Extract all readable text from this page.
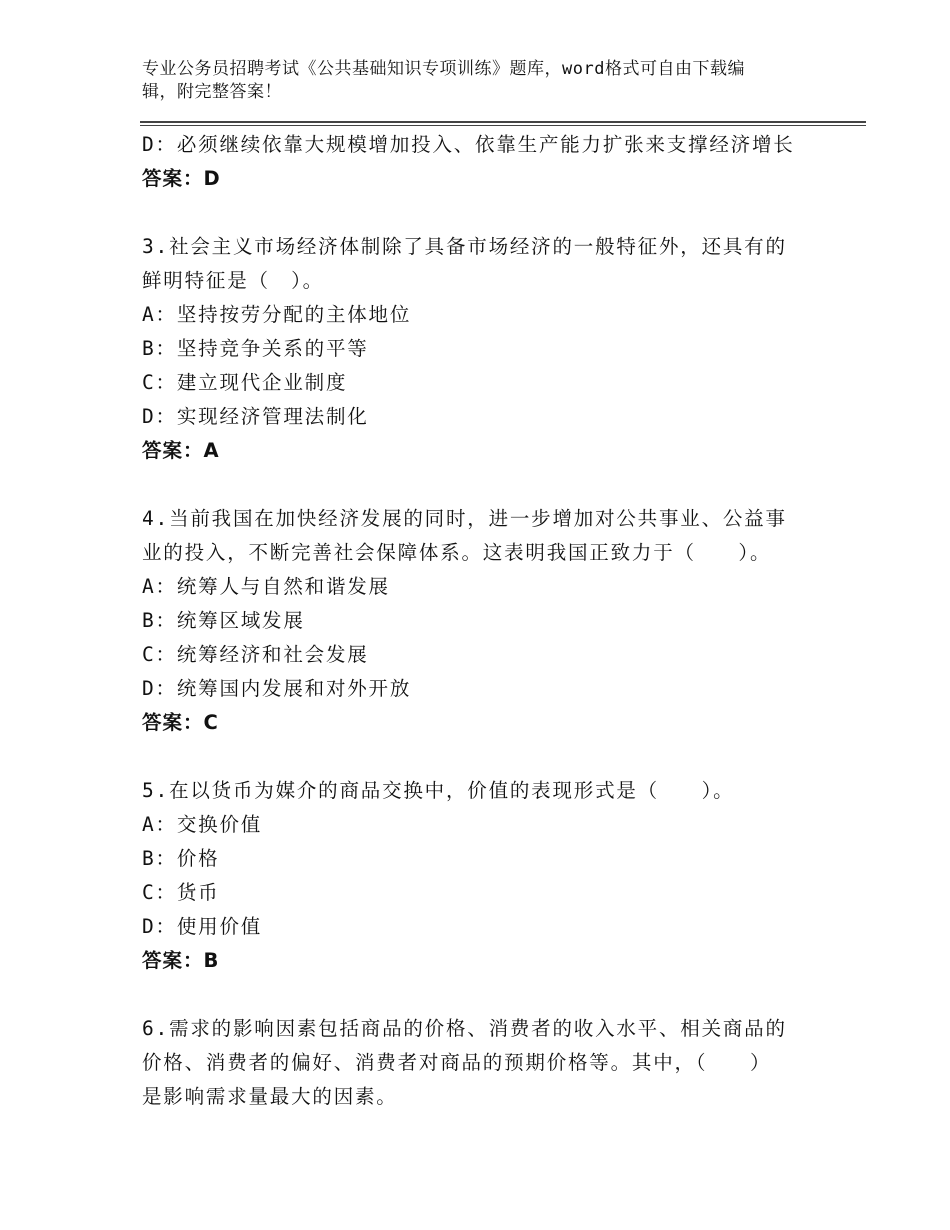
专业公务员招聘考试《公共基础知识专项训练》题库，word格式可自由下载编
辑，附完整答案！
D：必须继续依靠大规模增加投入、依靠生产能力扩张来支撑经济增长
答案：D
3.社会主义市场经济体制除了具备市场经济的一般特征外，还具有的
鲜明特征是（　）。
A：坚持按劳分配的主体地位
B：坚持竞争关系的平等
C：建立现代企业制度
D：实现经济管理法制化
答案：A
4.当前我国在加快经济发展的同时，进一步增加对公共事业、公益事
业的投入，不断完善社会保障体系。这表明我国正致力于（　　）。
A：统筹人与自然和谐发展
B：统筹区域发展
C：统筹经济和社会发展
D：统筹国内发展和对外开放
答案：C
5.在以货币为媒介的商品交换中，价值的表现形式是（　　）。
A：交换价值
B：价格
C：货币
D：使用价值
答案：B
6.需求的影响因素包括商品的价格、消费者的收入水平、相关商品的
价格、消费者的偏好、消费者对商品的预期价格等。其中，（　　）
是影响需求量最大的因素。
